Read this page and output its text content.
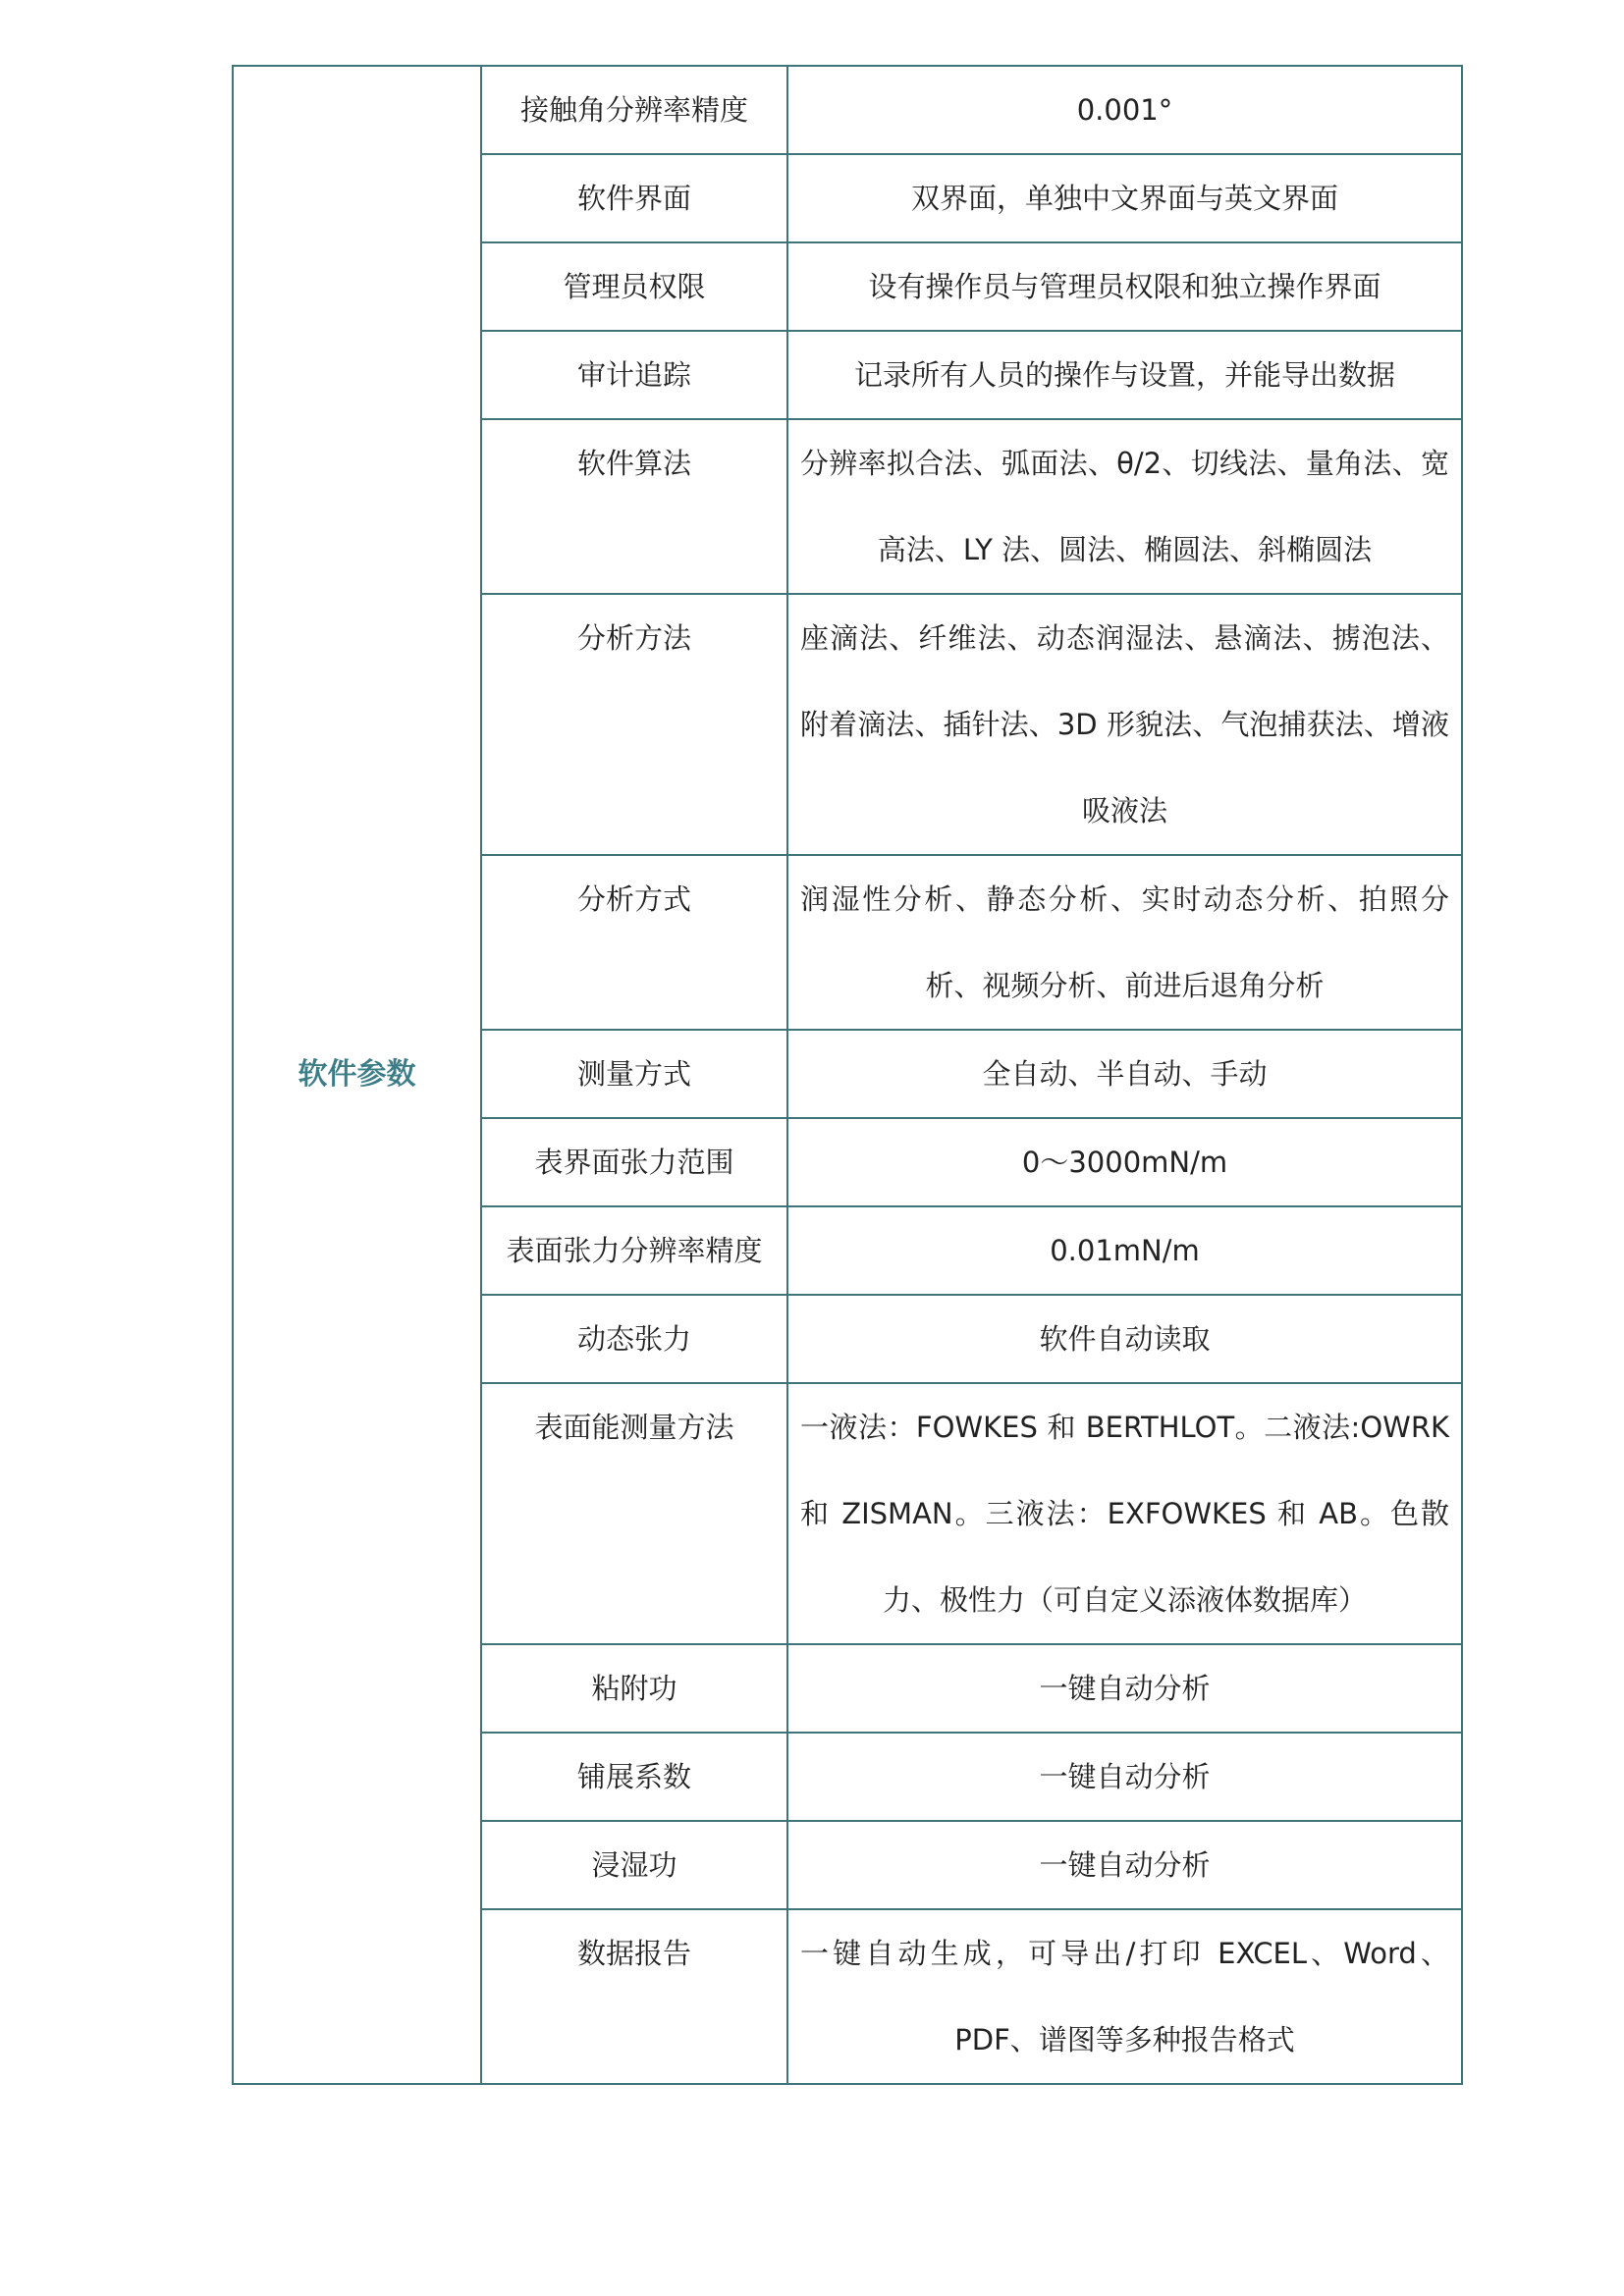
软件参数	接触角分辨率精度	0.001°
	软件界面	双界面，单独中文界面与英文界面
	管理员权限	设有操作员与管理员权限和独立操作界面
	审计追踪	记录所有人员的操作与设置，并能导出数据
	软件算法	分辨率拟合法、弧面法、θ/2、切线法、量角法、宽高法、LY 法、圆法、椭圆法、斜椭圆法
	分析方法	座滴法、纤维法、动态润湿法、悬滴法、掳泡法、附着滴法、插针法、3D 形貌法、气泡捕获法、增液吸液法
	分析方式	润湿性分析、静态分析、实时动态分析、拍照分析、视频分析、前进后退角分析
	测量方式	全自动、半自动、手动
	表界面张力范围	0～3000mN/m
	表面张力分辨率精度	0.01mN/m
	动态张力	软件自动读取
	表面能测量方法	一液法：FOWKES 和 BERTHLOT。二液法:OWRK 和 ZISMAN。三液法：EXFOWKES 和 AB。色散力、极性力（可自定义添液体数据库）
	粘附功	一键自动分析
	铺展系数	一键自动分析
	浸湿功	一键自动分析
	数据报告	一键自动生成，可导出/打印 EXCEL、Word、PDF、谱图等多种报告格式
